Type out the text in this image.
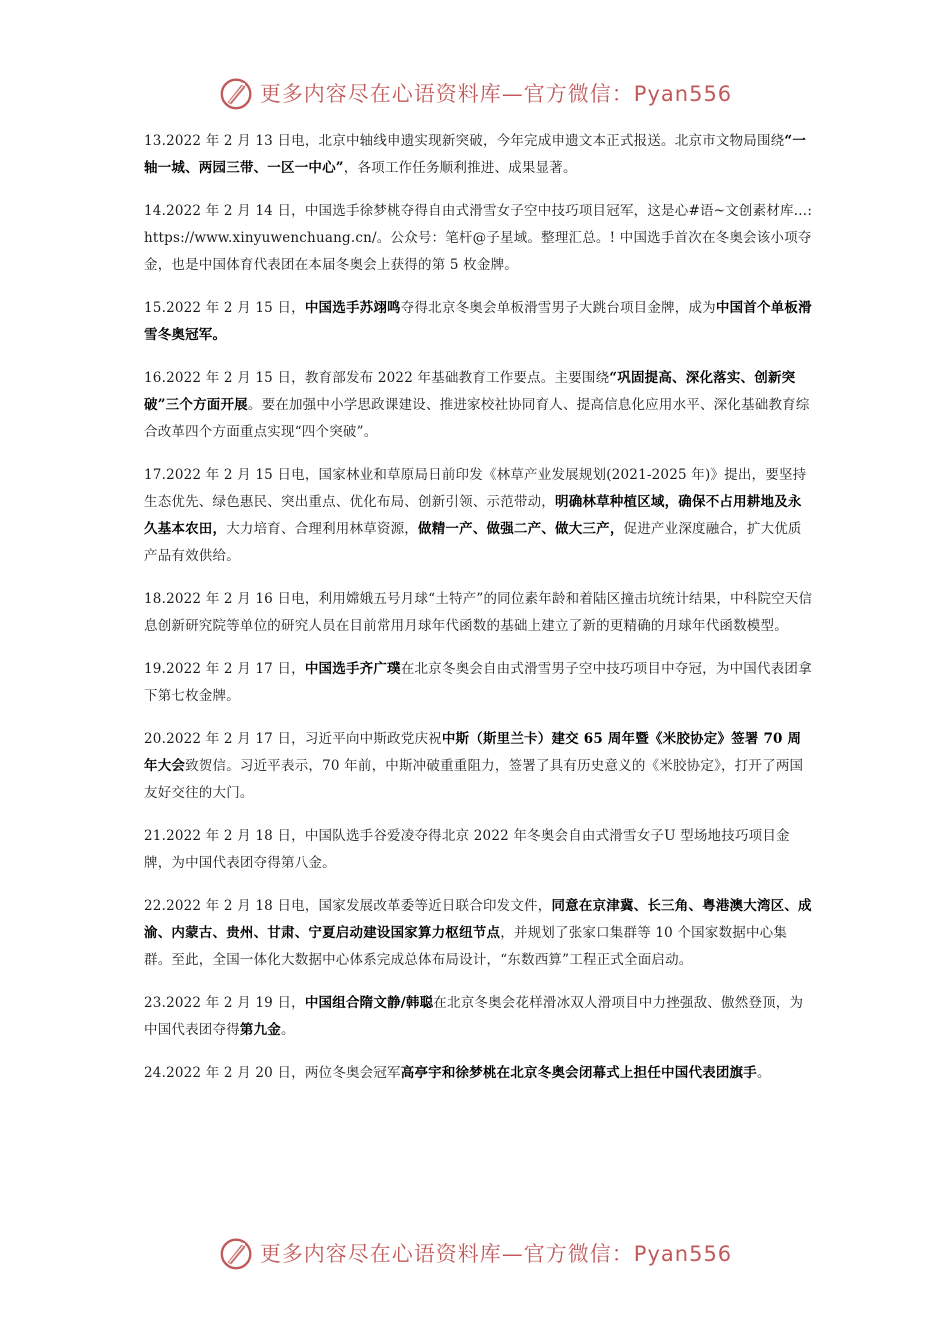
更多内容尽在心语资料库—官方微信：Pyan556

13.2022 年 2 月 13 日电，北京中轴线申遗实现新突破，今年完成申遗文本正式报送。北京市文物局围绕“一轴一城、两园三带、一区一中心”，各项工作任务顺利推进、成果显著。

14.2022 年 2 月 14 日，中国选手徐梦桃夺得自由式滑雪女子空中技巧项目冠军，这是心#语~文创素材库…: https://www.xinyuwenchuang.cn/。公众号：笔杆@子星域。整理汇总。! 中国选手首次在冬奥会该小项夺金，也是中国体育代表团在本届冬奥会上获得的第 5 枚金牌。

15.2022 年 2 月 15 日，中国选手苏翊鸣夺得北京冬奥会单板滑雪男子大跳台项目金牌，成为中国首个单板滑雪冬奥冠军。

16.2022 年 2 月 15 日，教育部发布 2022 年基础教育工作要点。主要围绕“巩固提高、深化落实、创新突破”三个方面开展。要在加强中小学思政课建设、推进家校社协同育人、提高信息化应用水平、深化基础教育综合改革四个方面重点实现“四个突破”。

17.2022 年 2 月 15 日电，国家林业和草原局日前印发《林草产业发展规划(2021-2025 年)》提出，要坚持生态优先、绿色惠民、突出重点、优化布局、创新引领、示范带动，明确林草种植区域，确保不占用耕地及永久基本农田，大力培育、合理利用林草资源，做精一产、做强二产、做大三产，促进产业深度融合，扩大优质产品有效供给。

18.2022 年 2 月 16 日电，利用嫦娥五号月球“土特产”的同位素年龄和着陆区撞击坑统计结果，中科院空天信息创新研究院等单位的研究人员在目前常用月球年代函数的基础上建立了新的更精确的月球年代函数模型。

19.2022 年 2 月 17 日，中国选手齐广璞在北京冬奥会自由式滑雪男子空中技巧项目中夺冠，为中国代表团拿下第七枚金牌。

20.2022 年 2 月 17 日，习近平向中斯政党庆祝中斯（斯里兰卡）建交 65 周年暨《米胶协定》签署 70 周年大会致贺信。习近平表示，70 年前，中斯冲破重重阻力，签署了具有历史意义的《米胶协定》，打开了两国友好交往的大门。

21.2022 年 2 月 18 日，中国队选手谷爱凌夺得北京 2022 年冬奥会自由式滑雪女子U 型场地技巧项目金牌，为中国代表团夺得第八金。

22.2022 年 2 月 18 日电，国家发展改革委等近日联合印发文件，同意在京津冀、长三角、粤港澳大湾区、成渝、内蒙古、贵州、甘肃、宁夏启动建设国家算力枢纽节点，并规划了张家口集群等 10 个国家数据中心集群。至此，全国一体化大数据中心体系完成总体布局设计，“东数西算”工程正式全面启动。

23.2022 年 2 月 19 日，中国组合隋文静/韩聪在北京冬奥会花样滑冰双人滑项目中力挫强敌、傲然登顶，为中国代表团夺得第九金。

24.2022 年 2 月 20 日，两位冬奥会冠军高亭宇和徐梦桃在北京冬奥会闭幕式上担任中国代表团旗手。

更多内容尽在心语资料库—官方微信：Pyan556
